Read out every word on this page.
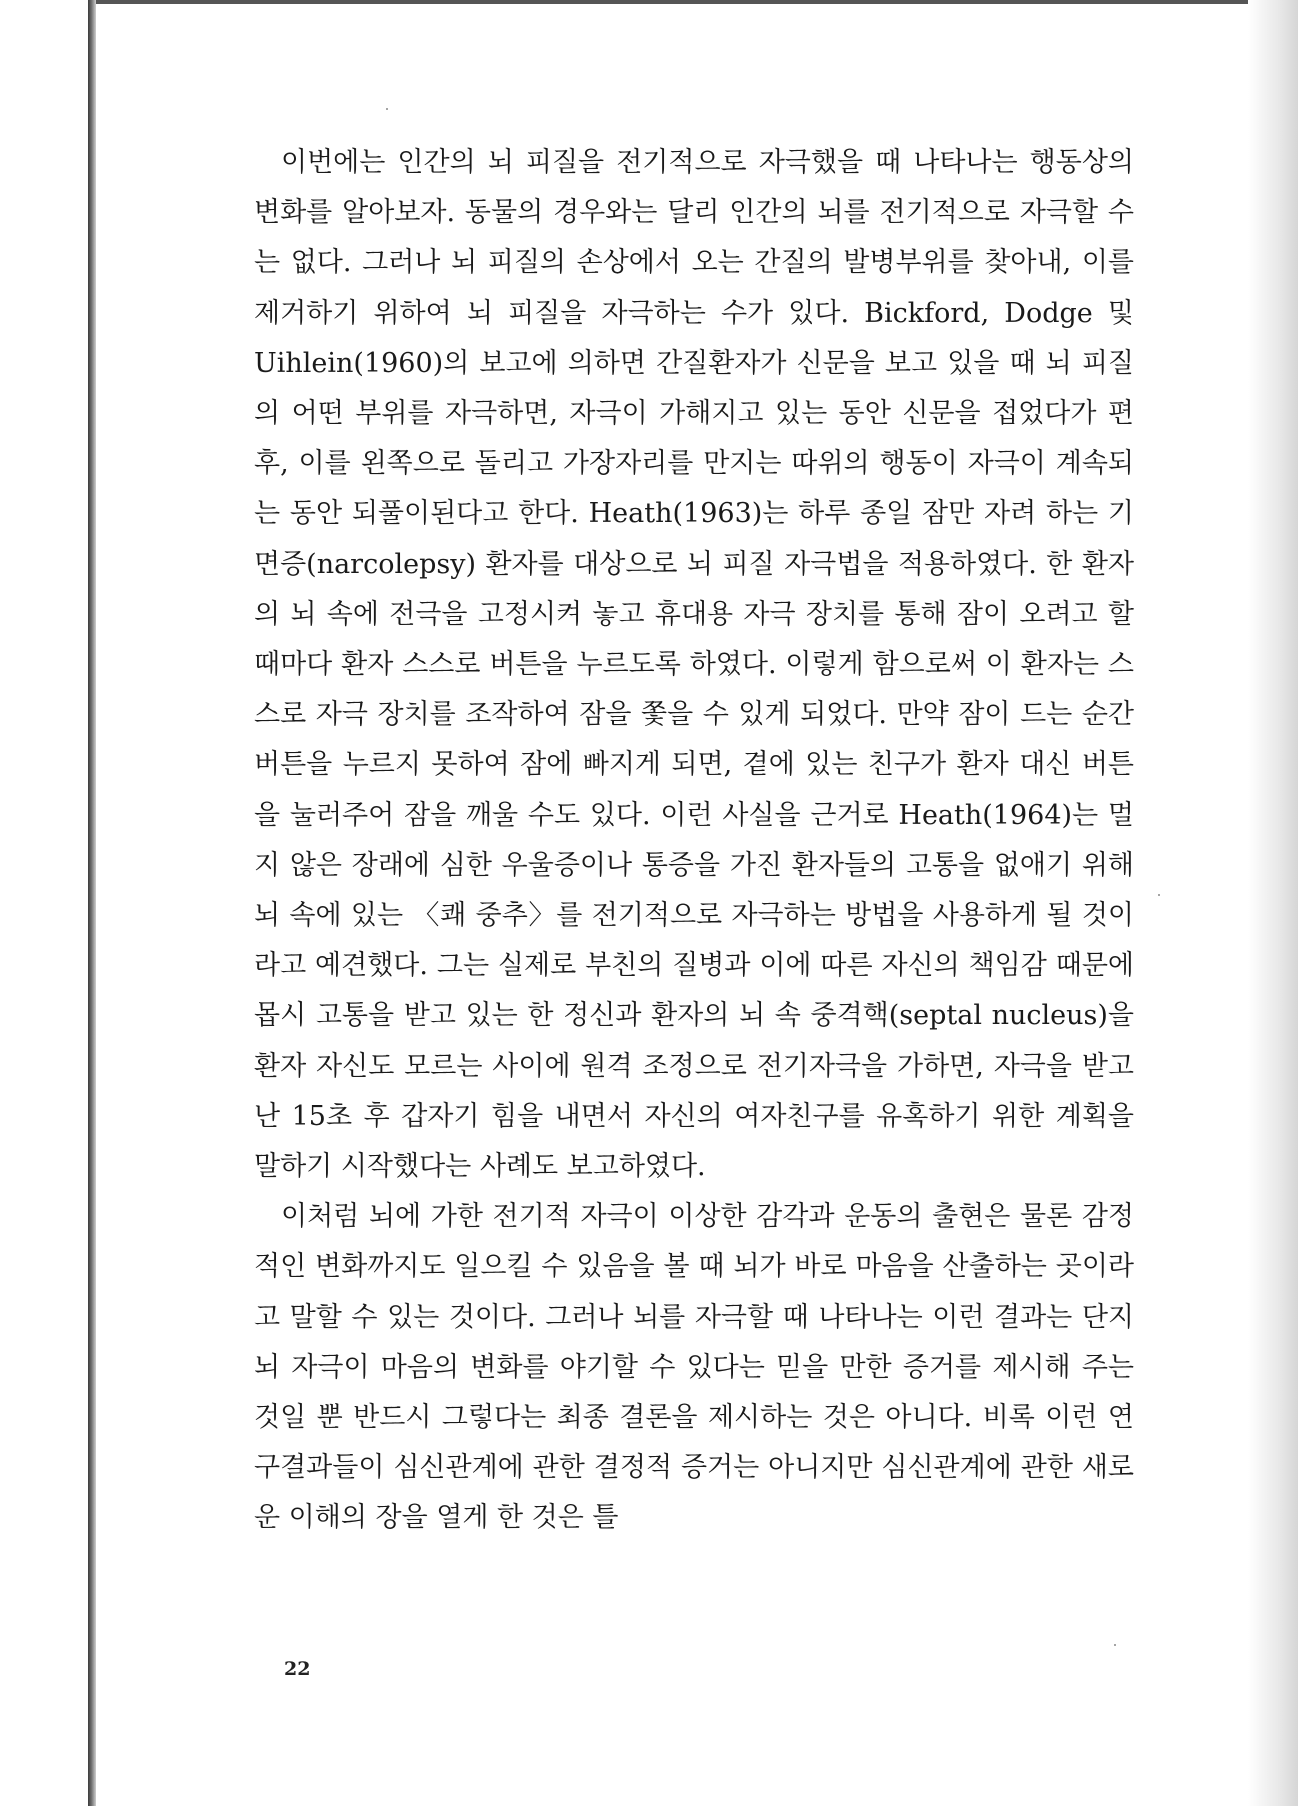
이번에는 인간의 뇌 피질을 전기적으로 자극했을 때 나타나는 행동상의 변화를 알아보자. 동물의 경우와는 달리 인간의 뇌를 전기적으로 자극할 수는 없다. 그러나 뇌 피질의 손상에서 오는 간질의 발병부위를 찾아내, 이를 제거하기 위하여 뇌 피질을 자극하는 수가 있다. Bickford, Dodge 및 Uihlein(1960)의 보고에 의하면 간질환자가 신문을 보고 있을 때 뇌 피질의 어떤 부위를 자극하면, 자극이 가해지고 있는 동안 신문을 접었다가 편 후, 이를 왼쪽으로 돌리고 가장자리를 만지는 따위의 행동이 자극이 계속되는 동안 되풀이된다고 한다. Heath(1963)는 하루 종일 잠만 자려 하는 기면증(narcolepsy) 환자를 대상으로 뇌 피질 자극법을 적용하였다. 한 환자의 뇌 속에 전극을 고정시켜 놓고 휴대용 자극 장치를 통해 잠이 오려고 할 때마다 환자 스스로 버튼을 누르도록 하였다. 이렇게 함으로써 이 환자는 스스로 자극 장치를 조작하여 잠을 쫓을 수 있게 되었다. 만약 잠이 드는 순간 버튼을 누르지 못하여 잠에 빠지게 되면, 곁에 있는 친구가 환자 대신 버튼을 눌러주어 잠을 깨울 수도 있다. 이런 사실을 근거로 Heath(1964)는 멀지 않은 장래에 심한 우울증이나 통증을 가진 환자들의 고통을 없애기 위해 뇌 속에 있는 〈쾌 중추〉를 전기적으로 자극하는 방법을 사용하게 될 것이라고 예견했다. 그는 실제로 부친의 질병과 이에 따른 자신의 책임감 때문에 몹시 고통을 받고 있는 한 정신과 환자의 뇌 속 중격핵(septal nucleus)을 환자 자신도 모르는 사이에 원격 조정으로 전기자극을 가하면, 자극을 받고 난 15초 후 갑자기 힘을 내면서 자신의 여자친구를 유혹하기 위한 계획을 말하기 시작했다는 사례도 보고하였다.

이처럼 뇌에 가한 전기적 자극이 이상한 감각과 운동의 출현은 물론 감정적인 변화까지도 일으킬 수 있음을 볼 때 뇌가 바로 마음을 산출하는 곳이라고 말할 수 있는 것이다. 그러나 뇌를 자극할 때 나타나는 이런 결과는 단지 뇌 자극이 마음의 변화를 야기할 수 있다는 믿을 만한 증거를 제시해 주는 것일 뿐 반드시 그렇다는 최종 결론을 제시하는 것은 아니다. 비록 이런 연구결과들이 심신관계에 관한 결정적 증거는 아니지만 심신관계에 관한 새로운 이해의 장을 열게 한 것은 틀

22
